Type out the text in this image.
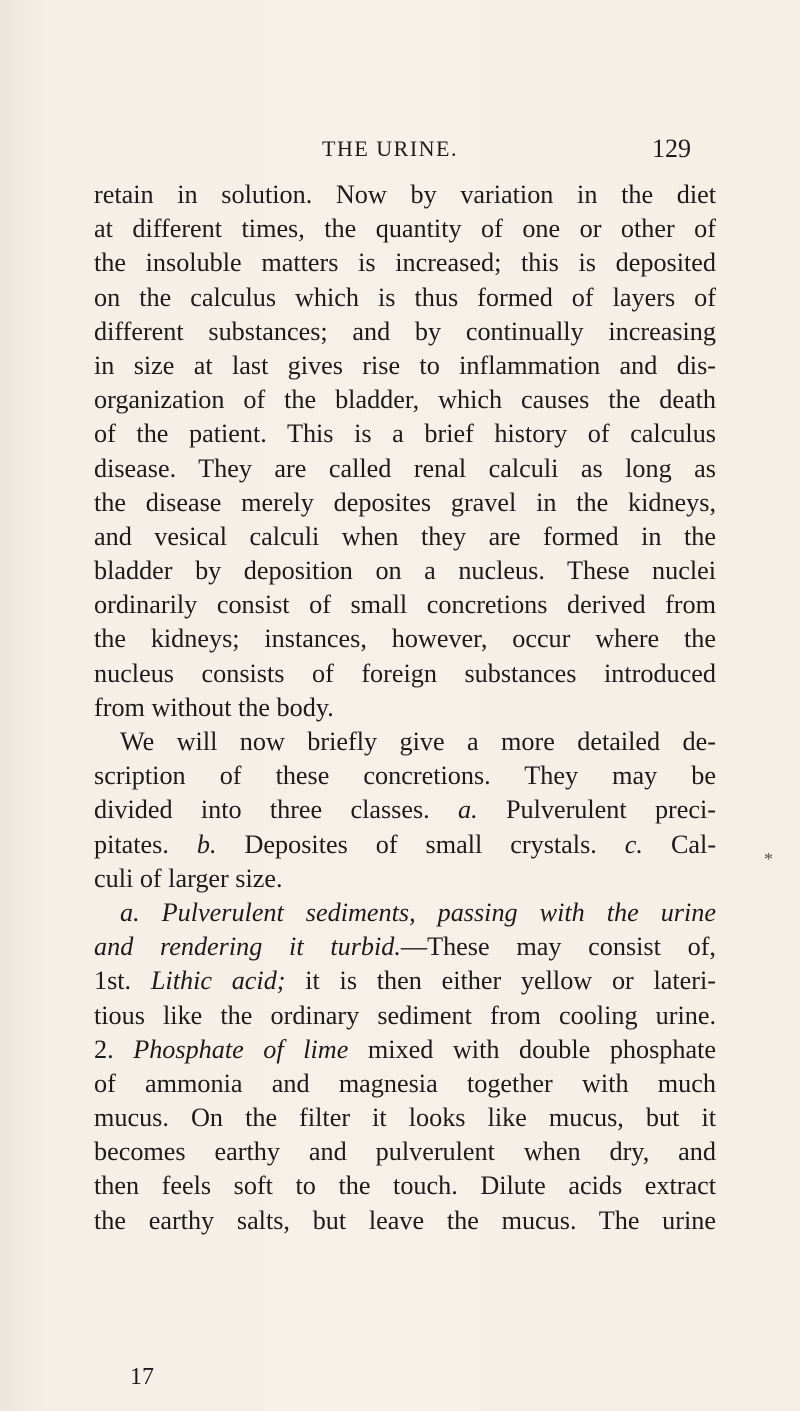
THE URINE.	129
retain in solution. Now by variation in the diet
at different times, the quantity of one or other of
the insoluble matters is increased; this is deposited
on the calculus which is thus formed of layers of
different substances; and by continually increasing
in size at last gives rise to inflammation and dis-
organization of the bladder, which causes the death
of the patient. This is a brief history of calculus
disease. They are called renal calculi as long as
the disease merely deposites gravel in the kidneys,
and vesical calculi when they are formed in the
bladder by deposition on a nucleus. These nuclei
ordinarily consist of small concretions derived from
the kidneys; instances, however, occur where the
nucleus consists of foreign substances introduced
from without the body.
We will now briefly give a more detailed de-
scription of these concretions. They may be
divided into three classes. a. Pulverulent preci-
pitates. b. Deposites of small crystals. c. Cal-
culi of larger size.
a. Pulverulent sediments, passing with the urine
and rendering it turbid.—These may consist of,
1st. Lithic acid; it is then either yellow or lateri-
tious like the ordinary sediment from cooling urine.
2. Phosphate of lime mixed with double phosphate
of ammonia and magnesia together with much
mucus. On the filter it looks like mucus, but it
becomes earthy and pulverulent when dry, and
then feels soft to the touch. Dilute acids extract
the earthy salts, but leave the mucus. The urine
*
17
